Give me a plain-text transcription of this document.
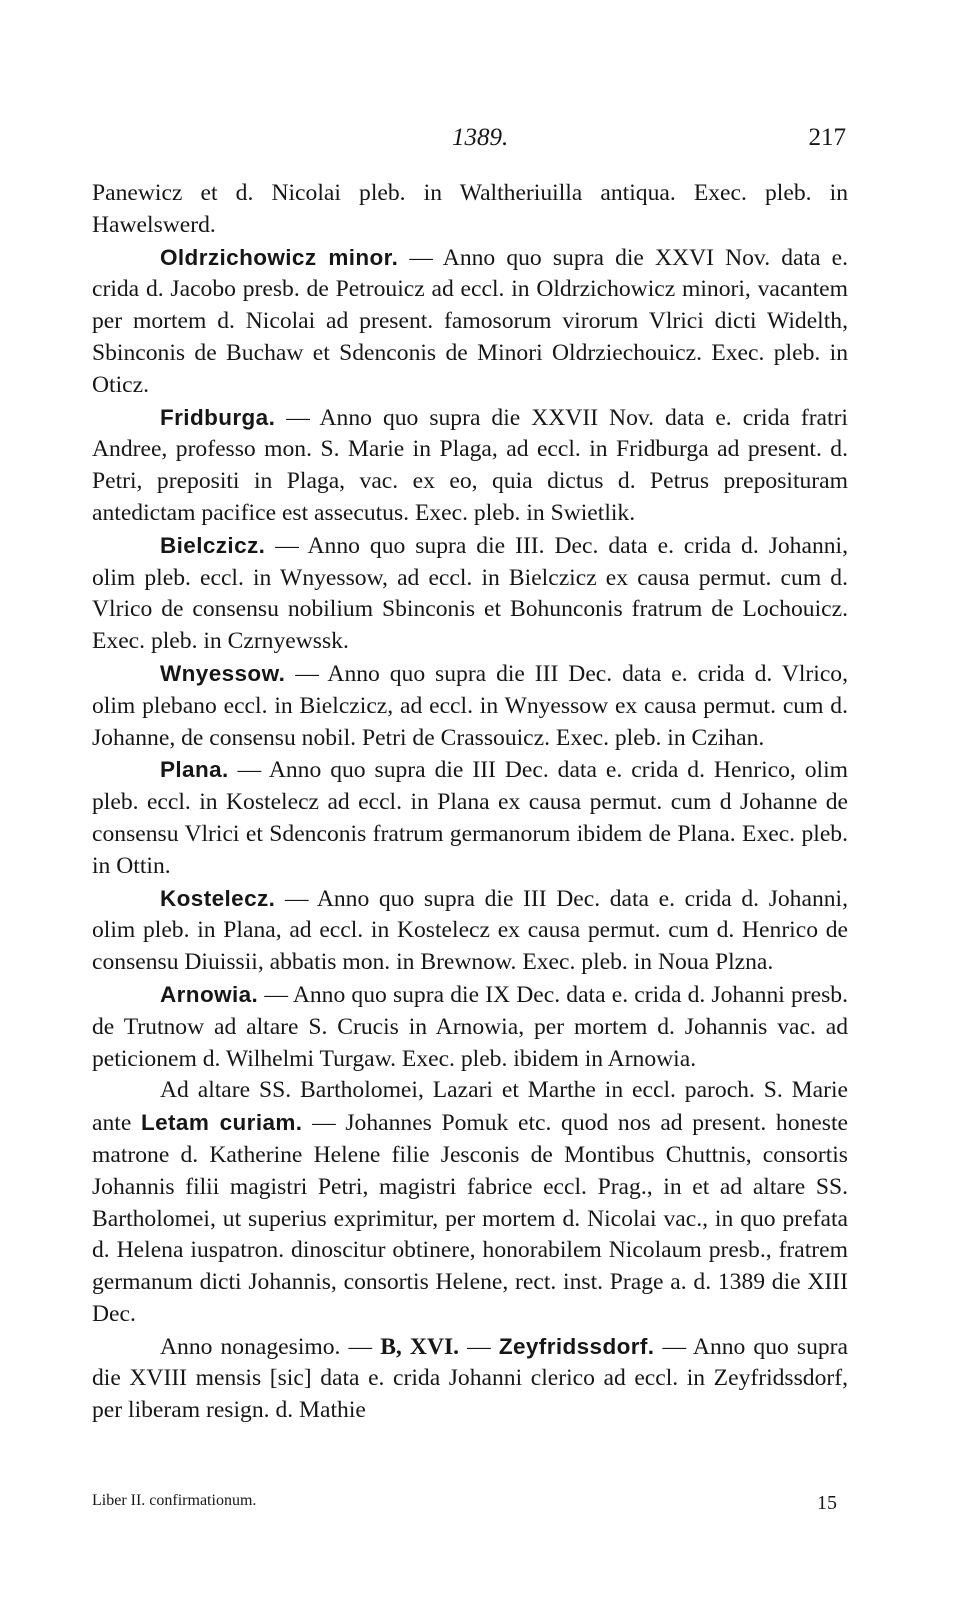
1389.	217

Panewicz et d. Nicolai pleb. in Waltheriuilla antiqua. Exec. pleb. in Hawelswerd.

Oldrzichowicz minor. — Anno quo supra die XXVI Nov. data e. crida d. Jacobo presb. de Petrouicz ad eccl. in Oldrzichowicz minori, vacantem per mortem d. Nicolai ad present. famosorum virorum Vlrici dicti Widelth, Sbinconis de Buchaw et Sdenconis de Minori Oldrziechouicz. Exec. pleb. in Oticz.

Fridburga. — Anno quo supra die XXVII Nov. data e. crida fratri Andree, professo mon. S. Marie in Plaga, ad eccl. in Fridburga ad present. d. Petri, prepositi in Plaga, vac. ex eo, quia dictus d. Petrus preposituram antedictam pacifice est assecutus. Exec. pleb. in Swietlik.

Bielczicz. — Anno quo supra die III. Dec. data e. crida d. Johanni, olim pleb. eccl. in Wnyessow, ad eccl. in Bielczicz ex causa permut. cum d. Vlrico de consensu nobilium Sbinconis et Bohunconis fratrum de Lochouicz. Exec. pleb. in Czrnyewssk.

Wnyessow. — Anno quo supra die III Dec. data e. crida d. Vlrico, olim plebano eccl. in Bielczicz, ad eccl. in Wnyessow ex causa permut. cum d. Johanne, de consensu nobil. Petri de Crassouicz. Exec. pleb. in Czihan.

Plana. — Anno quo supra die III Dec. data e. crida d. Henrico, olim pleb. eccl. in Kostelecz ad eccl. in Plana ex causa permut. cum d Johanne de consensu Vlrici et Sdenconis fratrum germanorum ibidem de Plana. Exec. pleb. in Ottin.

Kostelecz. — Anno quo supra die III Dec. data e. crida d. Johanni, olim pleb. in Plana, ad eccl. in Kostelecz ex causa permut. cum d. Henrico de consensu Diuissii, abbatis mon. in Brewnow. Exec. pleb. in Noua Plzna.

Arnowia. — Anno quo supra die IX Dec. data e. crida d. Johanni presb. de Trutnow ad altare S. Crucis in Arnowia, per mortem d. Johannis vac. ad peticionem d. Wilhelmi Turgaw. Exec. pleb. ibidem in Arnowia.

Ad altare SS. Bartholomei, Lazari et Marthe in eccl. paroch. S. Marie ante Letam curiam. — Johannes Pomuk etc. quod nos ad present. honeste matrone d. Katherine Helene filie Jesconis de Montibus Chuttnis, consortis Johannis filii magistri Petri, magistri fabrice eccl. Prag., in et ad altare SS. Bartholomei, ut superius exprimitur, per mortem d. Nicolai vac., in quo prefata d. Helena iuspatron. dinoscitur obtinere, honorabilem Nicolaum presb., fratrem germanum dicti Johannis, consortis Helene, rect. inst. Prage a. d. 1389 die XIII Dec.

Anno nonagesimo. — B, XVI. — Zeyfridssdorf. — Anno quo supra die XVIII mensis [sic] data e. crida Johanni clerico ad eccl. in Zeyfridssdorf, per liberam resign. d. Mathie

Liber II. confirmationum.	15
